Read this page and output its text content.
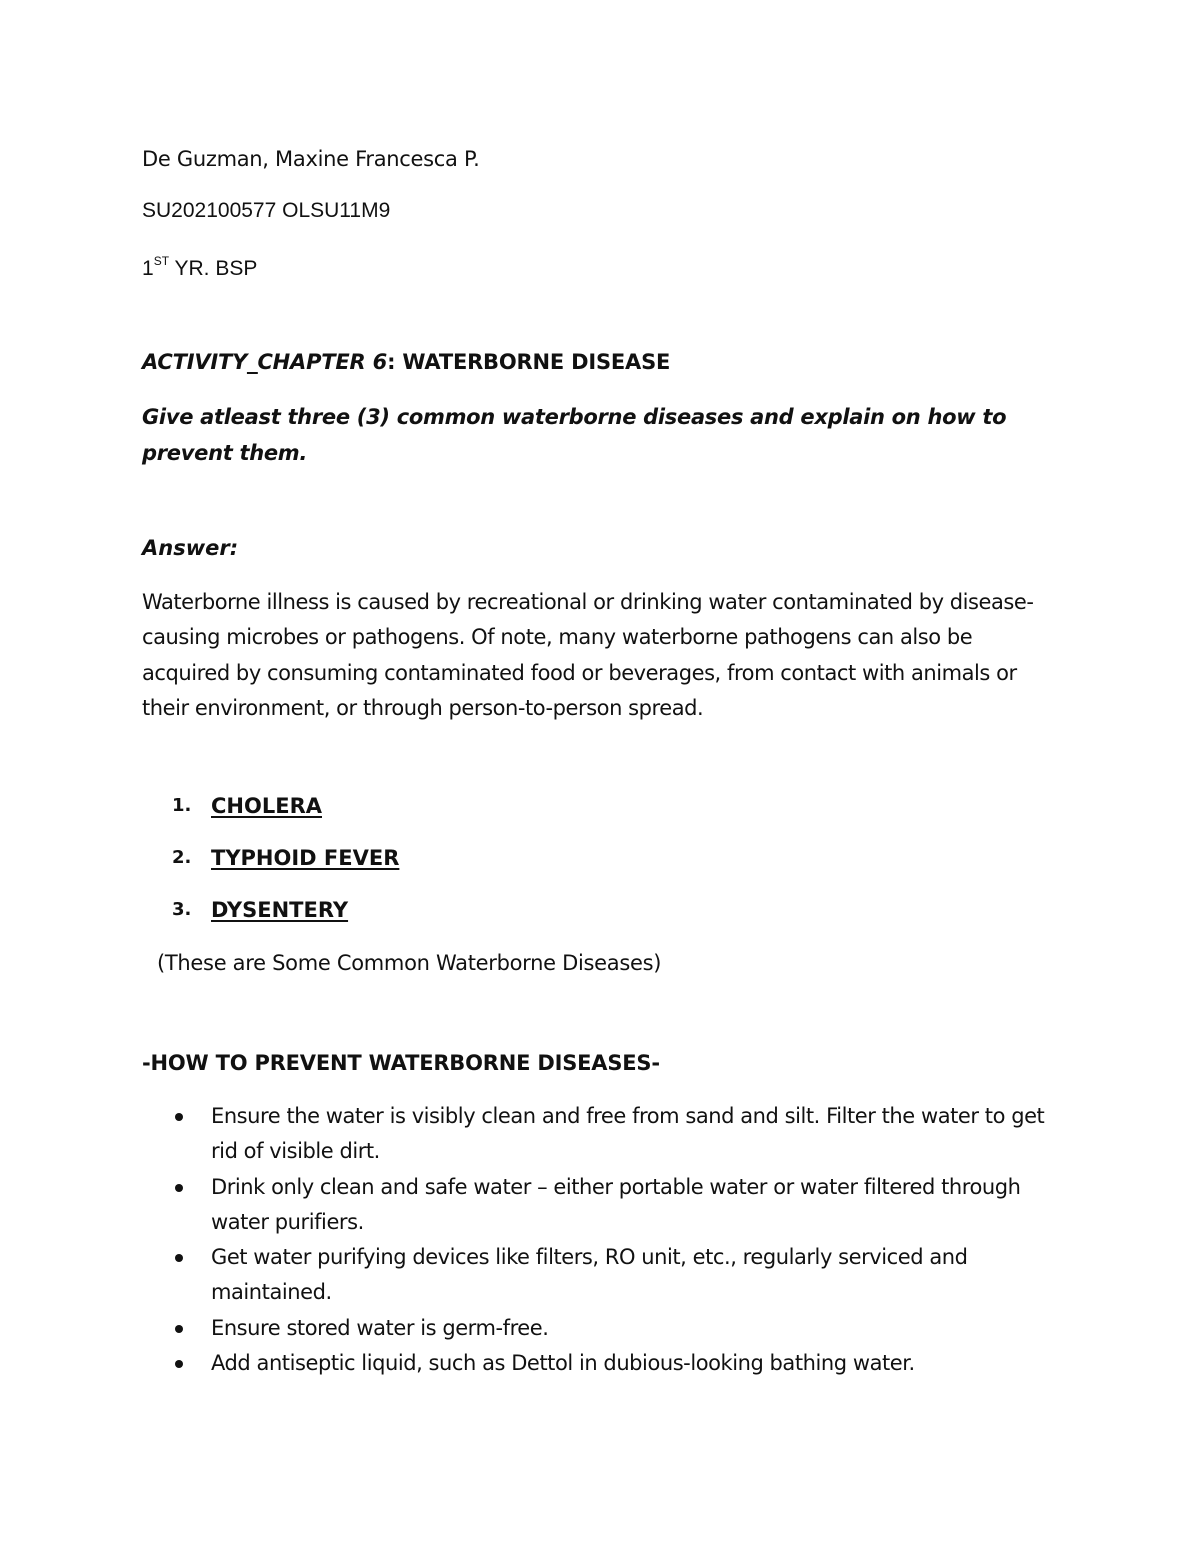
De Guzman, Maxine Francesca P.
SU202100577 OLSU11M9
1ST YR. BSP
ACTIVITY_CHAPTER 6: WATERBORNE DISEASE
Give atleast three (3) common waterborne diseases and explain on how to prevent them.
Answer:
Waterborne illness is caused by recreational or drinking water contaminated by disease-causing microbes or pathogens. Of note, many waterborne pathogens can also be acquired by consuming contaminated food or beverages, from contact with animals or their environment, or through person-to-person spread.
1. CHOLERA
2. TYPHOID FEVER
3. DYSENTERY
(These are Some Common Waterborne Diseases)
-HOW TO PREVENT WATERBORNE DISEASES-
Ensure the water is visibly clean and free from sand and silt. Filter the water to get rid of visible dirt.
Drink only clean and safe water – either portable water or water filtered through water purifiers.
Get water purifying devices like filters, RO unit, etc., regularly serviced and maintained.
Ensure stored water is germ-free.
Add antiseptic liquid, such as Dettol in dubious-looking bathing water.
